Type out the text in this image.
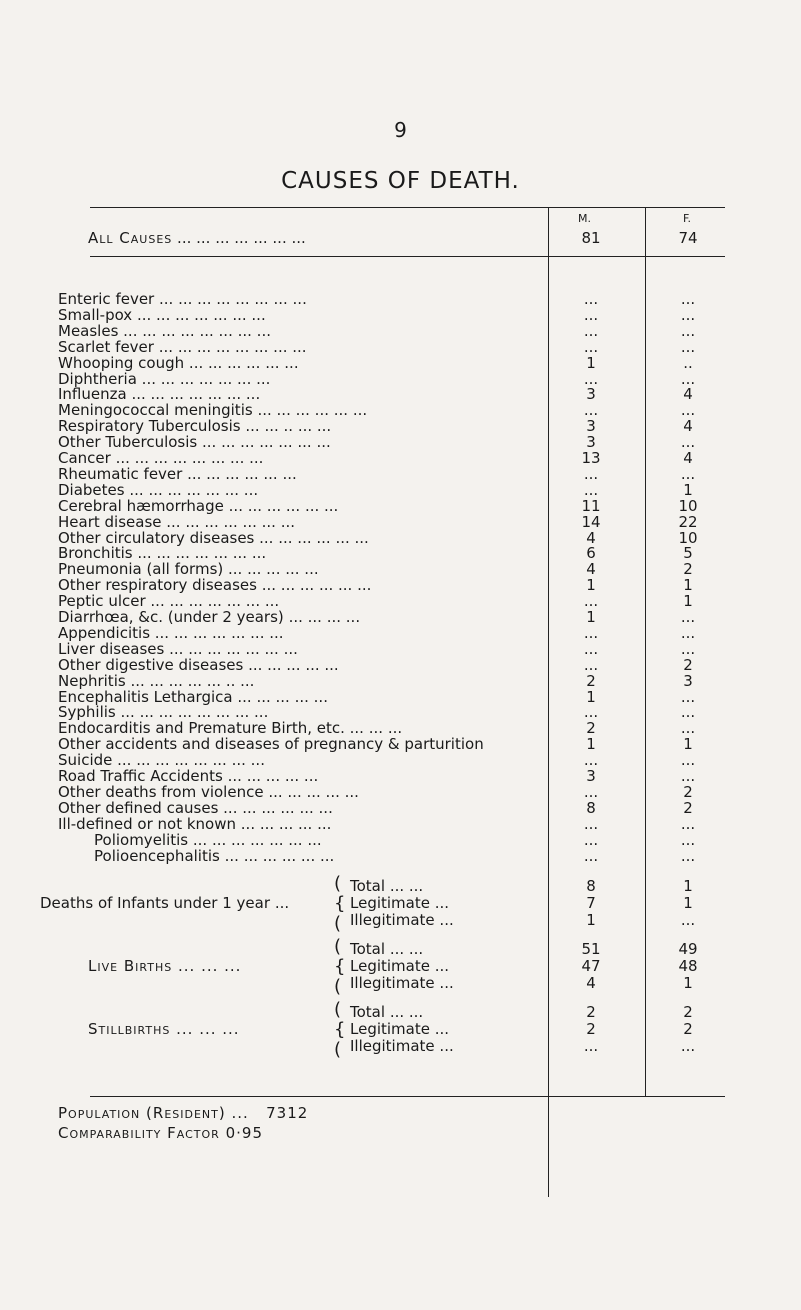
9
CAUSES OF DEATH.
M.	F.
All Causes ... ... ... ... ... ... ...	81	74
Enteric fever ... ... ... ... ... ... ... ...	...	...
Small-pox ... ... ... ... ... ... ...	...	...
Measles ... ... ... ... ... ... ... ...	...	...
Scarlet fever ... ... ... ... ... ... ... ...	...	...
Whooping cough ... ... ... ... ... ...	1	..
Diphtheria ... ... ... ... ... ... ...	...	...
Influenza ... ... ... ... ... ... ...	3	4
Meningococcal meningitis ... ... ... ... ... ...	...	...
Respiratory Tuberculosis ... ... .. ... ...	3	4
Other Tuberculosis ... ... ... ... ... ... ...	3	...
Cancer ... ... ... ... ... ... ... ...	13	4
Rheumatic fever ... ... ... ... ... ...	...	...
Diabetes ... ... ... ... ... ... ...	...	1
Cerebral hæmorrhage ... ... ... ... ... ...	11	10
Heart disease ... ... ... ... ... ... ...	14	22
Other circulatory diseases ... ... ... ... ... ...	4	10
Bronchitis ... ... ... ... ... ... ...	6	5
Pneumonia (all forms) ... ... ... ... ...	4	2
Other respiratory diseases ... ... ... ... ... ...	1	1
Peptic ulcer ... ... ... ... ... ... ...	...	1
Diarrhœa, &c. (under 2 years) ... ... ... ...	1	...
Appendicitis ... ... ... ... ... ... ...	...	...
Liver diseases ... ... ... ... ... ... ...	...	...
Other digestive diseases ... ... ... ... ...	...	2
Nephritis ... ... ... ... ... .. ...	2	3
Encephalitis Lethargica ... ... ... ... ...	1	...
Syphilis ... ... ... ... ... ... ... ...	...	...
Endocarditis and Premature Birth, etc. ... ... ...	2	...
Other accidents and diseases of pregnancy & parturition	1	1
Suicide ... ... ... ... ... ... ... ...	...	...
Road Traffic Accidents ... ... ... ... ...	3	...
Other deaths from violence ... ... ... ... ...	...	2
Other defined causes ... ... ... ... ... ...	8	2
Ill-defined or not known ... ... ... ... ...	...	...
Poliomyelitis ... ... ... ... ... ... ...	...	...
Polioencephalitis ... ... ... ... ... ...	...	...
Deaths of Infants under 1 year ...
(
{
(
Total ... ...	8	1
Legitimate ...	7	1
Illegitimate ...	1	...
Live Births ... ... ...
(
{
(
Total ... ...	51	49
Legitimate ...	47	48
Illegitimate ...	4	1
Stillbirths ... ... ...
(
{
(
Total ... ...	2	2
Legitimate ...	2	2
Illegitimate ...	...	...
Population (Resident) ... 7312
Comparability Factor 0·95
